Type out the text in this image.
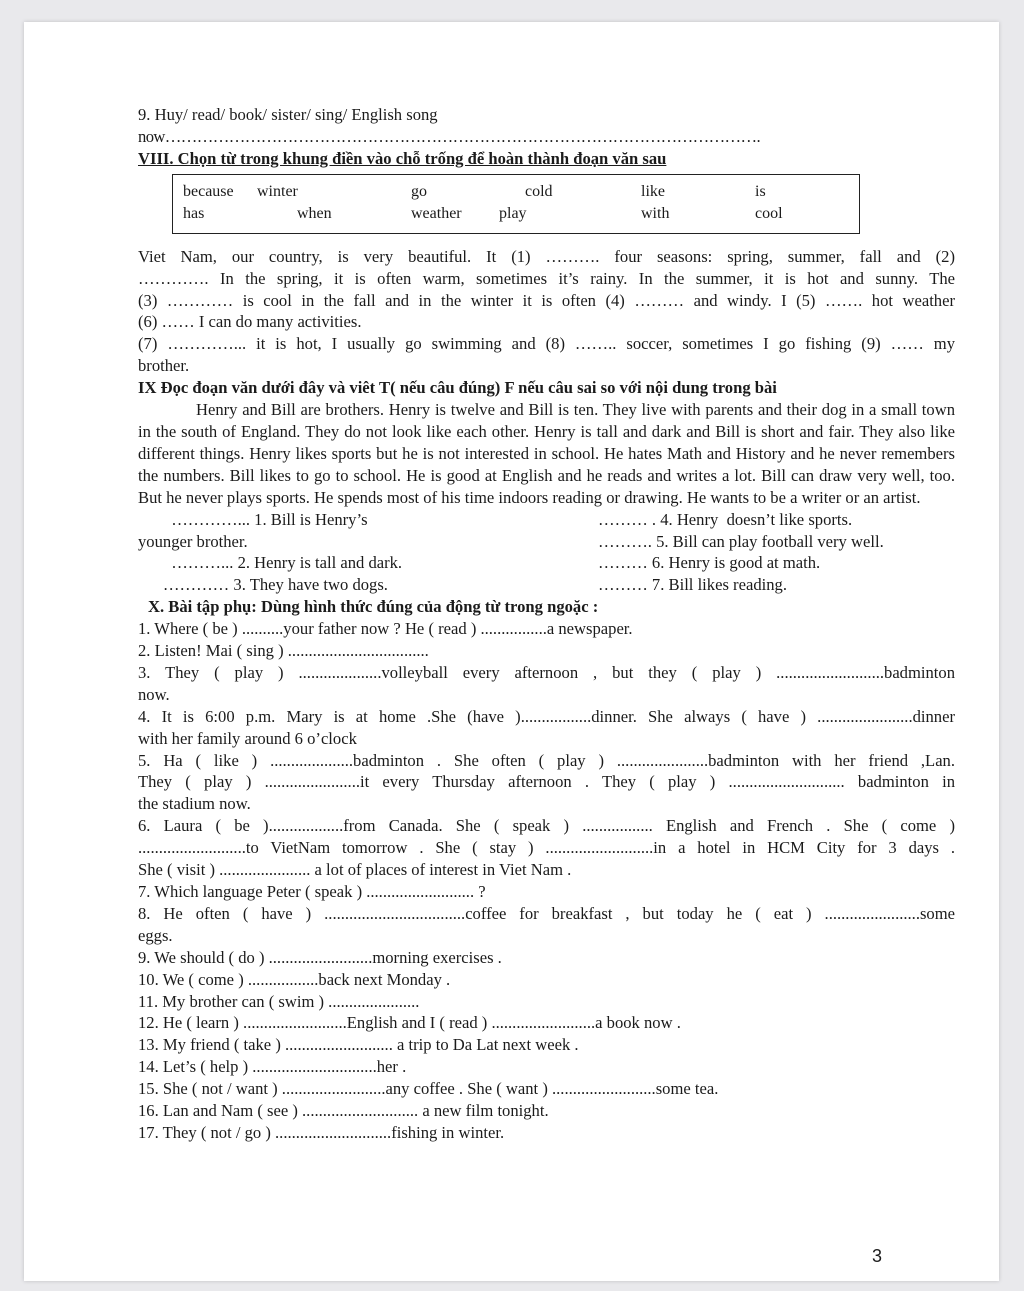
9. Huy/ read/ book/ sister/ sing/ English song
now………………………………………………………………………………………………….
VIII. Chọn từ trong khung điền vào chỗ trống để hoàn thành đoạn văn sau
because winter	go	cold	like	is
has	when	weather play	with	cool
Viet Nam, our country, is very beautiful. It (1) ………. four seasons: spring, summer, fall and (2)
…………. In the spring, it is often warm, sometimes it’s rainy. In the summer, it is hot and sunny. The
(3) ………… is cool in the fall and in the winter it is often (4) ……… and windy. I (5) ……. hot weather
(6) …… I can do many activities.
(7) …………... it is hot, I usually go swimming and (8) …….. soccer, sometimes I go fishing (9) …… my
brother.
IX Đọc đoạn văn dưới đây và viêt T( nếu câu đúng) F nếu câu sai so với nội dung trong bài
Henry and Bill are brothers. Henry is twelve and Bill is ten. They live with parents and their dog in a small town in the south of England. They do not look like each other. Henry is tall and dark and Bill is short and fair. They also like different things. Henry likes sports but he is not interested in school. He hates Math and History and he never remembers the numbers. Bill likes to go to school. He is good at English and he reads and writes a lot. Bill can draw very well, too. But he never plays sports. He spends most of his time indoors reading or drawing. He wants to be a writer or an artist.
…………... 1. Bill is Henry’s	……… . 4. Henry  doesn’t like sports.
younger brother.	………. 5. Bill can play football very well.
………... 2. Henry is tall and dark.	……… 6. Henry is good at math.
………… 3. They have two dogs.	……… 7. Bill likes reading.
X. Bài tập phụ: Dùng hình thức đúng của động từ trong ngoặc :
1. Where ( be ) ..........your father now ? He ( read ) ................a newspaper.
2. Listen! Mai ( sing ) ..................................
3. They ( play ) ....................volleyball every afternoon , but they ( play ) ..........................badminton
now.
4. It is 6:00 p.m. Mary is at home .She (have ).................dinner. She always ( have ) .......................dinner
with her family around 6 o’clock
5. Ha ( like ) ....................badminton . She often ( play ) ......................badminton with her friend ,Lan.
They ( play ) .......................it every Thursday afternoon . They ( play ) ............................ badminton in
the stadium now.
6. Laura ( be )..................from Canada. She ( speak ) ................. English and French . She ( come )
..........................to VietNam tomorrow . She ( stay ) ..........................in a hotel in HCM City for 3 days .
She ( visit ) ...................... a lot of places of interest in Viet Nam .
7. Which language Peter ( speak ) .......................... ?
8. He often ( have ) ..................................coffee for breakfast , but today he ( eat ) .......................some
eggs.
9. We should ( do ) .........................morning exercises .
10. We ( come ) .................back next Monday .
11. My brother can ( swim ) ......................
12. He ( learn ) .........................English and I ( read ) .........................a book now .
13. My friend ( take ) .......................... a trip to Da Lat next week .
14. Let’s ( help ) ..............................her .
15. She ( not / want ) .........................any coffee . She ( want ) .........................some tea.
16. Lan and Nam ( see ) ............................ a new film tonight.
17. They ( not / go ) ............................fishing in winter.
3
